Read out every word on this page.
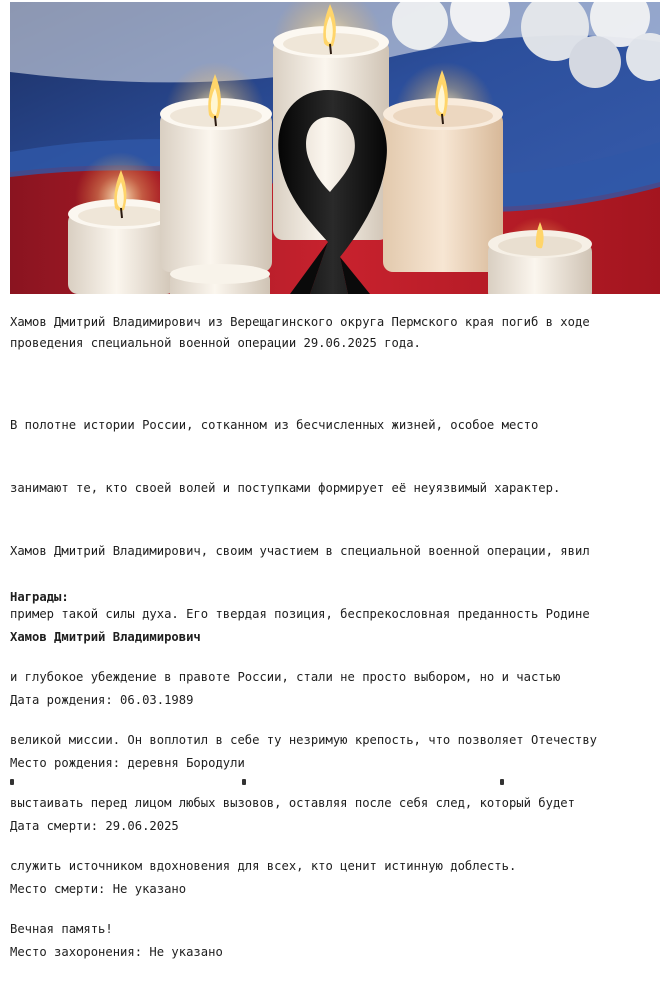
Хамов Дмитрий Владимирович из Верещагинского округа Пермского края погиб в ходе проведения специальной военной операции 29.06.2025 года.

В полотне истории России, сотканном из бесчисленных жизней, особое место

занимают те, кто своей волей и поступками формирует её неуязвимый характер.

Хамов Дмитрий Владимирович, своим участием в специальной военной операции, явил

пример такой силы духа. Его твердая позиция, беспрекословная преданность Родине

и глубокое убеждение в правоте России, стали не просто выбором, но и частью

великой миссии. Он воплотил в себе ту незримую крепость, что позволяет Отечеству

выстаивать перед лицом любых вызовов, оставляя после себя след, который будет

служить источником вдохновения для всех, кто ценит истинную доблесть.

Вечная память!

Награды:
Хамов Дмитрий Владимирович

Дата рождения: 06.03.1989

Место рождения: деревня Бородули

Дата смерти: 29.06.2025

Место смерти: Не указано

Место захоронения: Не указано
